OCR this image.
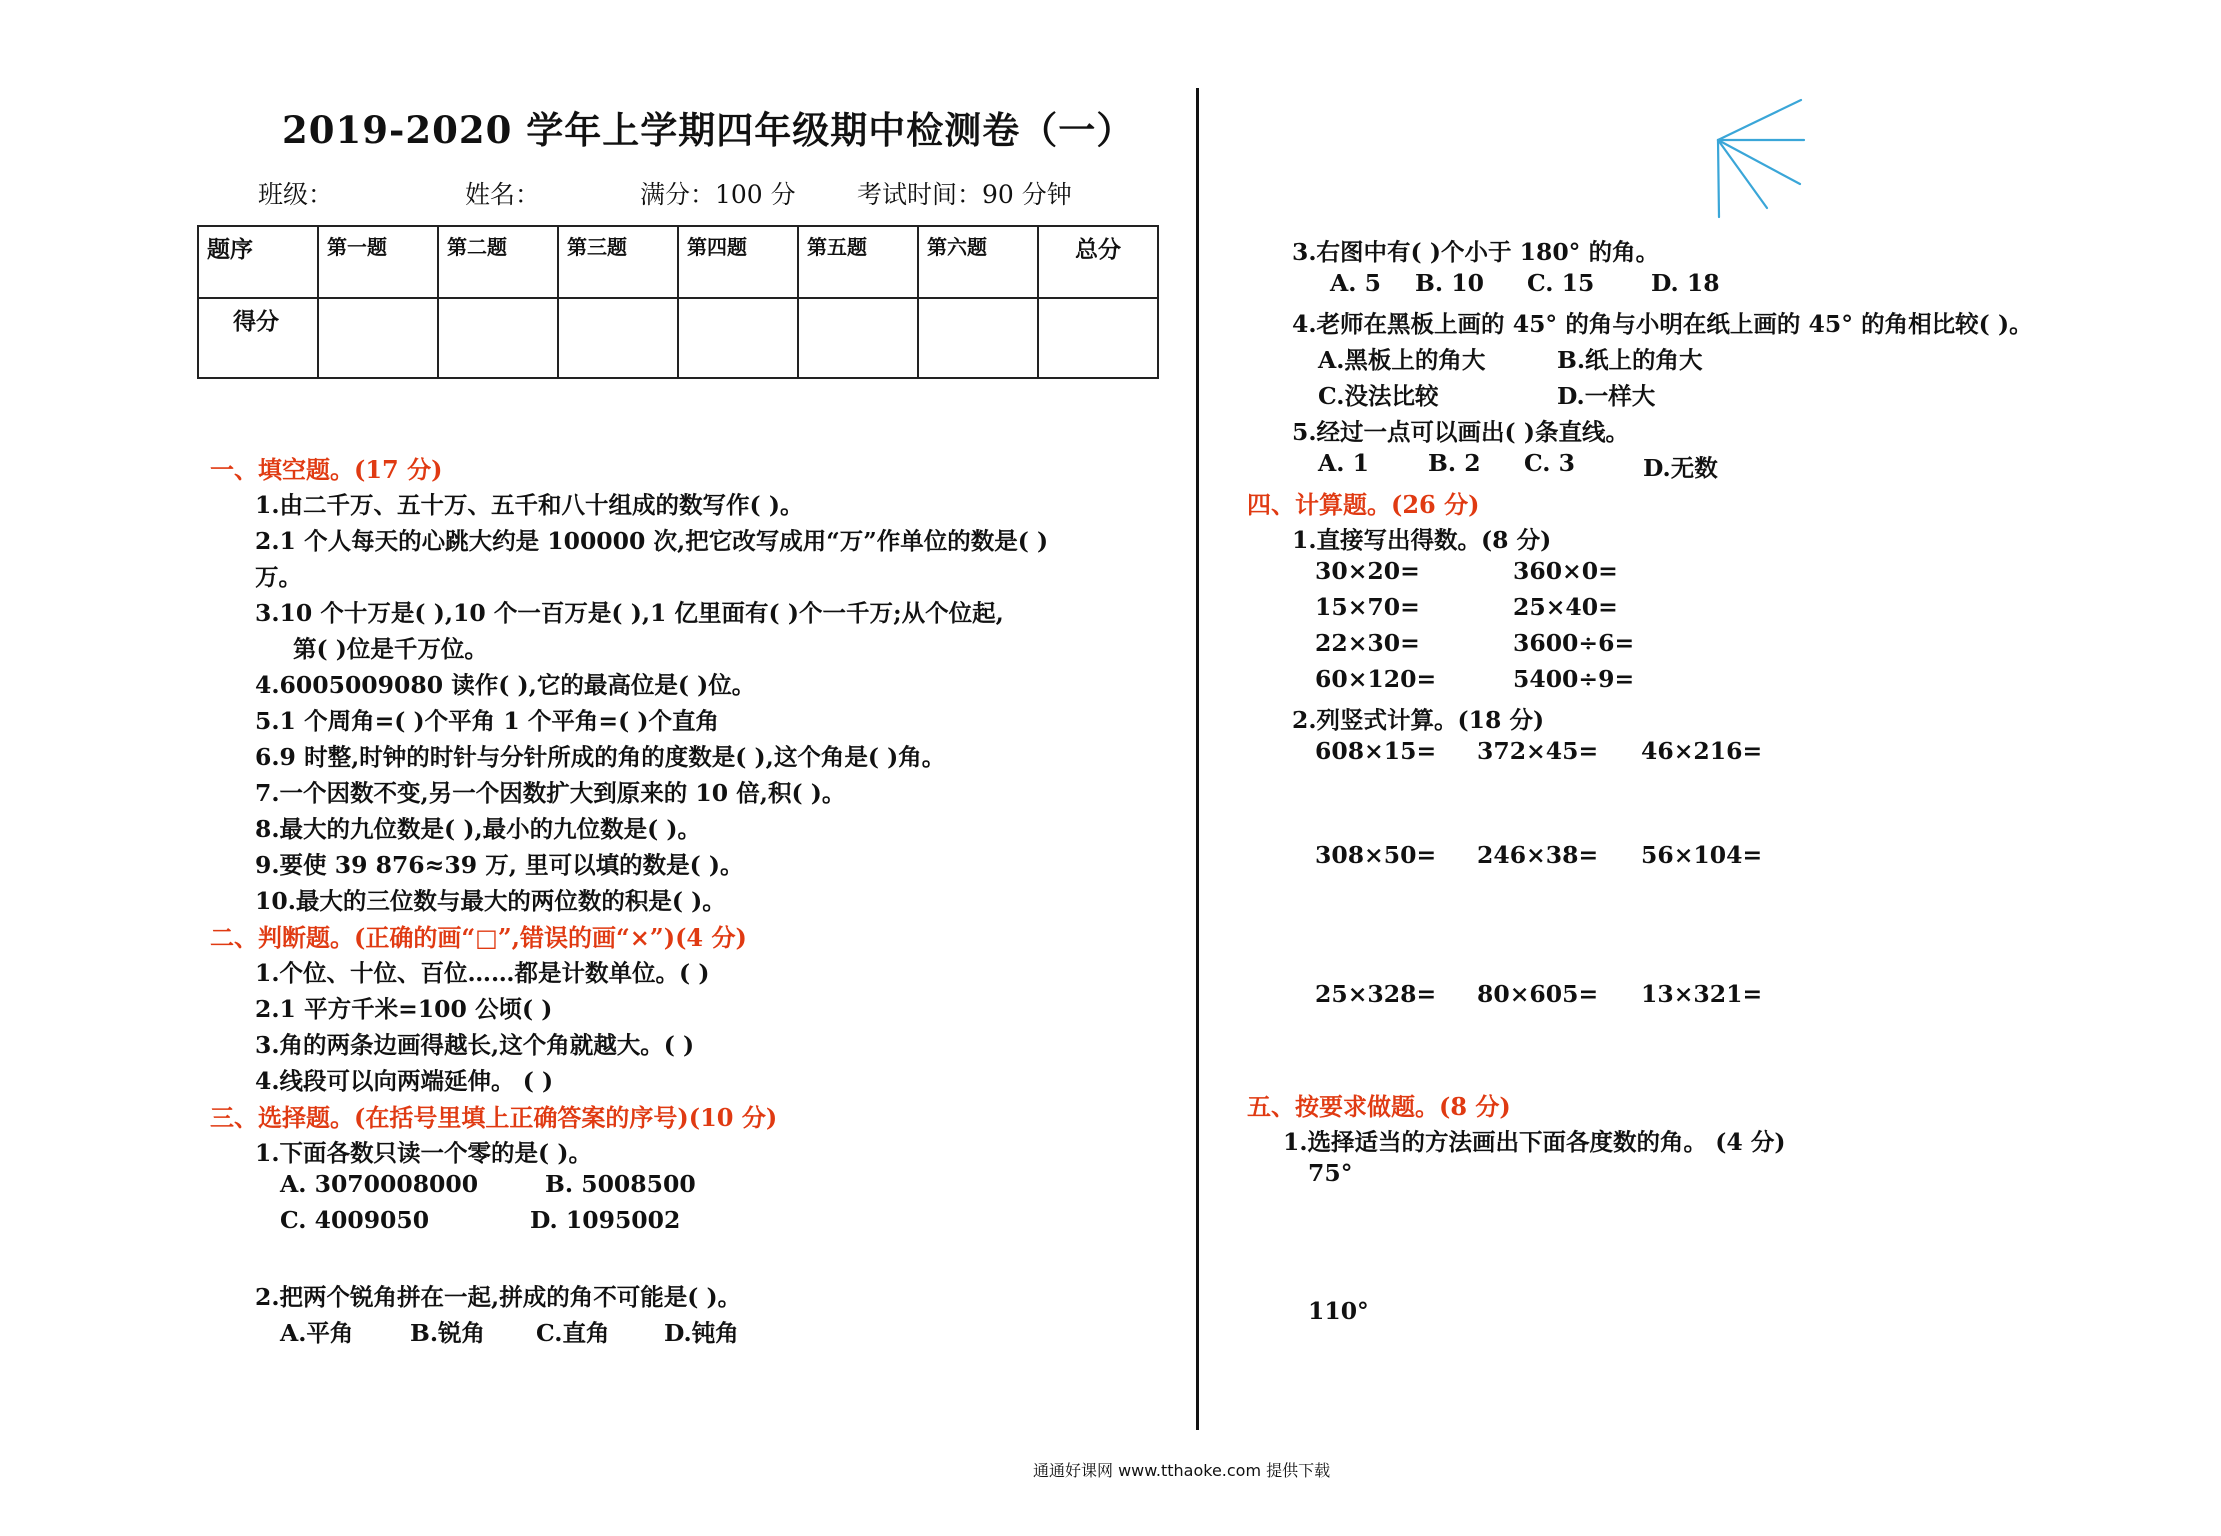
2019-2020 学年上学期四年级期中检测卷（一）
班级：	姓名：	满分：100 分 考试时间：90 分钟
题序	第一题	第二题	第三题	第四题	第五题	第六题	总分
得分							
一、填空题。(17 分)
1.由二千万、五十万、五千和八十组成的数写作( )。
2.1 个人每天的心跳大约是 100000 次,把它改写成用“万”作单位的数是( )
万。
3.10 个十万是( ),10 个一百万是( ),1 亿里面有( )个一千万;从个位起,
第( )位是千万位。
4.6005009080 读作( ),它的最高位是( )位。
5.1 个周角=( )个平角 1 个平角=( )个直角
6.9 时整,时钟的时针与分针所成的角的度数是( ),这个角是( )角。
7.一个因数不变,另一个因数扩大到原来的 10 倍,积( )。
8.最大的九位数是( ),最小的九位数是( )。
9.要使 39 876≈39 万, 里可以填的数是( )。
10.最大的三位数与最大的两位数的积是( )。
二、判断题。(正确的画“□”,错误的画“×”)(4 分)
1.个位、十位、百位……都是计数单位。( )
2.1 平方千米=100 公顷( )
3.角的两条边画得越长,这个角就越大。( )
4.线段可以向两端延伸。 ( )
三、选择题。(在括号里填上正确答案的序号)(10 分)
1.下面各数只读一个零的是( )。
A. 3070008000	B. 5008500
C. 4009050	D. 1095002
2.把两个锐角拼在一起,拼成的角不可能是( )。
A.平角 B.锐角 C.直角 D.钝角
3.右图中有( )个小于 180° 的角。
A. 5 B. 10 C. 15 D. 18
4.老师在黑板上画的 45° 的角与小明在纸上画的 45° 的角相比较( )。
A.黑板上的角大	B.纸上的角大
C.没法比较	D.一样大
5.经过一点可以画出( )条直线。
A. 1	B. 2 C. 3	D.无数
四、计算题。(26 分)
1.直接写出得数。(8 分)
30×20=	360×0=
15×70=	25×40=
22×30=	3600÷6=
60×120=	5400÷9=
2.列竖式计算。(18 分)
608×15= 372×45= 46×216=
308×50= 246×38= 56×104=
25×328= 80×605= 13×321=
五、按要求做题。(8 分)
1.选择适当的方法画出下面各度数的角。 (4 分)
75°
110°
通通好课网 www.tthaoke.com 提供下载
